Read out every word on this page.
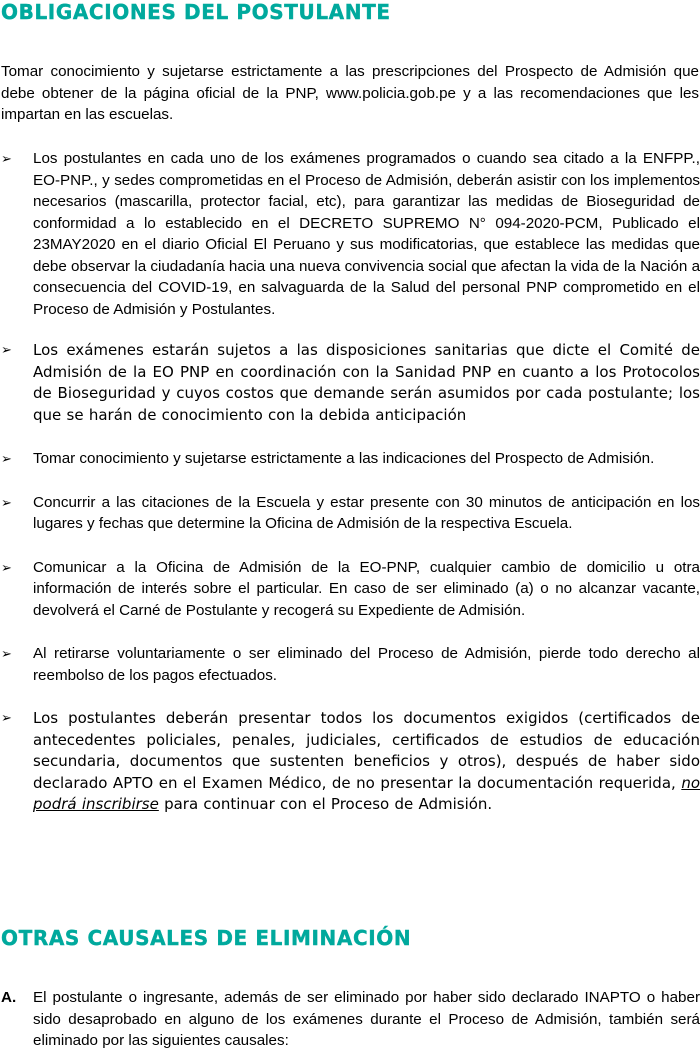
OBLIGACIONES DEL POSTULANTE

Tomar conocimiento y sujetarse estrictamente a las prescripciones del Prospecto de Admisión que debe obtener de la página oficial de la PNP, www.policia.gob.pe y a las recomendaciones que les impartan en las escuelas.

➢	Los postulantes en cada uno de los exámenes programados o cuando sea citado a la ENFPP., EO-PNP., y sedes comprometidas en el Proceso de Admisión, deberán asistir con los implementos necesarios (mascarilla, protector facial, etc), para garantizar las medidas de Bioseguridad de conformidad a lo establecido en el DECRETO SUPREMO N° 094-2020-PCM, Publicado el 23MAY2020 en el diario Oficial El Peruano y sus modificatorias, que establece las medidas que debe observar la ciudadanía hacia una nueva convivencia social que afectan la vida de la Nación a consecuencia del COVID-19, en salvaguarda de la Salud del personal PNP comprometido en el Proceso de Admisión y Postulantes.
➢	Los exámenes estarán sujetos a las disposiciones sanitarias que dicte el Comité de Admisión de la EO PNP en coordinación con la Sanidad PNP en cuanto a los Protocolos de Bioseguridad y cuyos costos que demande serán asumidos por cada postulante; los que se harán de conocimiento con la debida anticipación
➢	Tomar conocimiento y sujetarse estrictamente a las indicaciones del Prospecto de Admisión.
➢	Concurrir a las citaciones de la Escuela y estar presente con 30 minutos de anticipación en los lugares y fechas que determine la Oficina de Admisión de la respectiva Escuela.
➢	Comunicar a la Oficina de Admisión de la EO-PNP, cualquier cambio de domicilio u otra información de interés sobre el particular. En caso de ser eliminado (a) o no alcanzar vacante, devolverá el Carné de Postulante y recogerá su Expediente de Admisión.
➢	Al retirarse voluntariamente o ser eliminado del Proceso de Admisión, pierde todo derecho al reembolso de los pagos efectuados.
➢	Los postulantes deberán presentar todos los documentos exigidos (certificados de antecedentes policiales, penales, judiciales, certificados de estudios de educación secundaria, documentos que sustenten beneficios y otros), después de haber sido declarado APTO en el Examen Médico, de no presentar la documentación requerida, no podrá inscribirse para continuar con el Proceso de Admisión.
OTRAS CAUSALES DE ELIMINACIÓN

A. El postulante o ingresante, además de ser eliminado por haber sido declarado INAPTO o haber sido desaprobado en alguno de los exámenes durante el Proceso de Admisión, también será eliminado por las siguientes causales:
